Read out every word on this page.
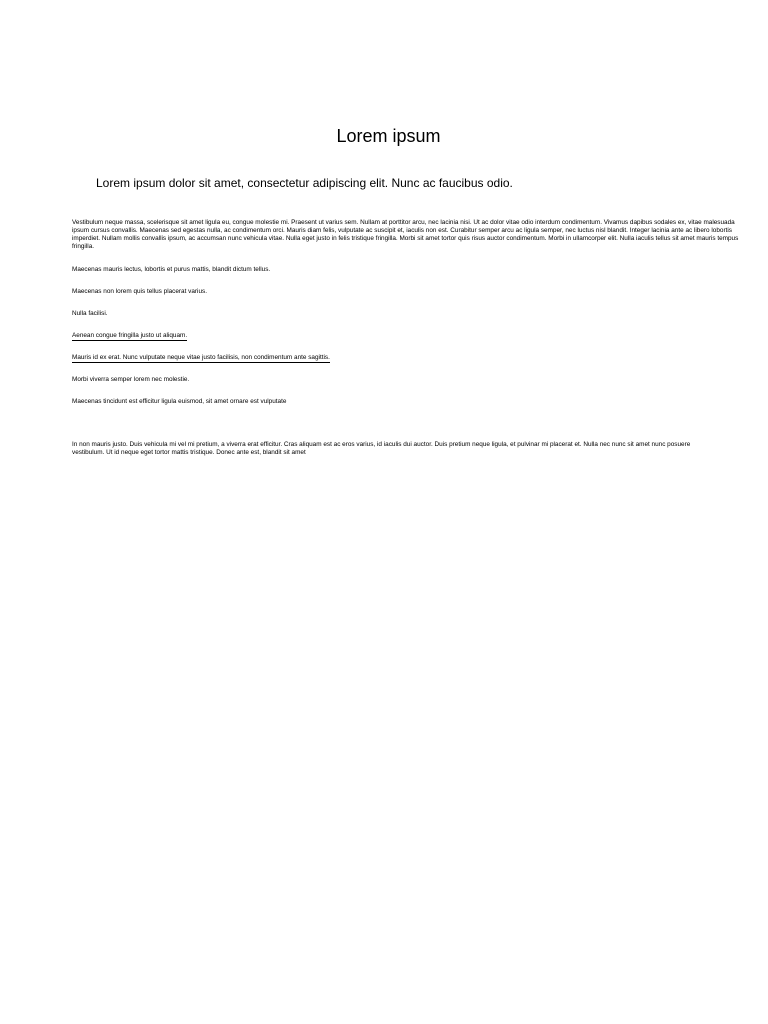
Lorem ipsum

Lorem ipsum dolor sit amet, consectetur adipiscing elit. Nunc ac faucibus odio.

Vestibulum neque massa, scelerisque sit amet ligula eu, congue molestie mi. Praesent ut varius sem. Nullam at porttitor arcu, nec lacinia nisi. Ut ac dolor vitae odio interdum condimentum. Vivamus dapibus sodales ex, vitae malesuada ipsum cursus convallis. Maecenas sed egestas nulla, ac condimentum orci. Mauris diam felis, vulputate ac suscipit et, iaculis non est. Curabitur semper arcu ac ligula semper, nec luctus nisl blandit. Integer lacinia ante ac libero lobortis imperdiet. Nullam mollis convallis ipsum, ac accumsan nunc vehicula vitae. Nulla eget justo in felis tristique fringilla. Morbi sit amet tortor quis risus auctor condimentum. Morbi in ullamcorper elit. Nulla iaculis tellus sit amet mauris tempus fringilla.

Maecenas mauris lectus, lobortis et purus mattis, blandit dictum tellus.

Maecenas non lorem quis tellus placerat varius.

Nulla facilisi.

Aenean congue fringilla justo ut aliquam.

Mauris id ex erat. Nunc vulputate neque vitae justo facilisis, non condimentum ante sagittis.

Morbi viverra semper lorem nec molestie.

Maecenas tincidunt est efficitur ligula euismod, sit amet ornare est vulputate

In non mauris justo. Duis vehicula mi vel mi pretium, a viverra erat efficitur. Cras aliquam est ac eros varius, id iaculis dui auctor. Duis pretium neque ligula, et pulvinar mi placerat et. Nulla nec nunc sit amet nunc posuere vestibulum. Ut id neque eget tortor mattis tristique. Donec ante est, blandit sit amet
